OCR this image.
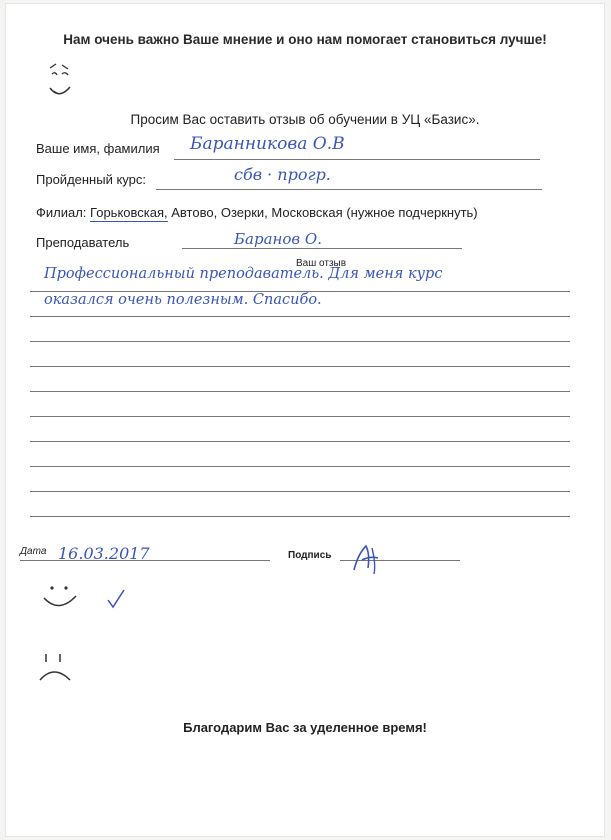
Нам очень важно Ваше мнение и оно нам помогает становиться лучше!
Просим Вас оставить отзыв об обучении в УЦ «Базис».
Ваше имя, фамилия Баранникова О.В
Пройденный курс:	сбв · прогр.
Филиал: Горьковская, Автово, Озерки, Московская (нужное подчеркнуть)
Преподаватель	Баранов О.
Ваш отзыв
Профессиональный преподаватель. Для меня курс
оказался очень полезным. Спасибо.
Дата 16.03.2017	Подпись
Благодарим Вас за уделенное время!
